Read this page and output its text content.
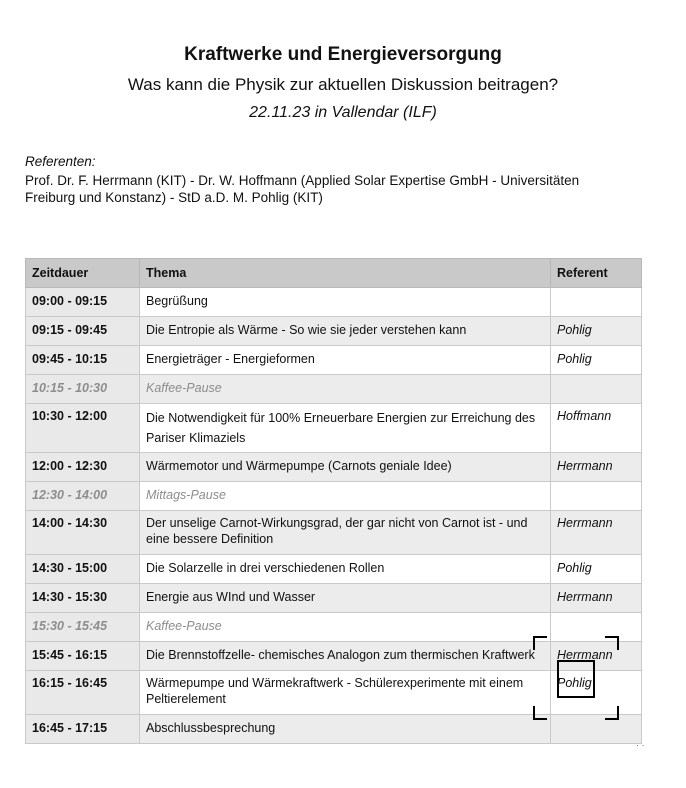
Kraftwerke und Energieversorgung
Was kann die Physik zur aktuellen Diskussion beitragen?
22.11.23 in Vallendar (ILF)
Referenten:
Prof. Dr. F. Herrmann (KIT) - Dr. W. Hoffmann (Applied Solar Expertise GmbH - Universitäten Freiburg und Konstanz) - StD a.D. M. Pohlig (KIT)
Zeitdauer	Thema	Referent
09:00 - 09:15	Begrüßung	
09:15 - 09:45	Die Entropie als Wärme - So wie sie jeder verstehen kann	Pohlig
09:45 - 10:15	Energieträger - Energieformen	Pohlig
10:15 - 10:30	Kaffee-Pause	
10:30 - 12:00	Die Notwendigkeit für 100% Erneuerbare Energien zur Erreichung des Pariser Klimaziels	Hoffmann
12:00 - 12:30	Wärmemotor und Wärmepumpe (Carnots geniale Idee)	Herrmann
12:30 - 14:00	Mittags-Pause	
14:00 - 14:30	Der unselige Carnot-Wirkungsgrad, der gar nicht von Carnot ist - und eine bessere Definition	Herrmann
14:30 - 15:00	Die Solarzelle in drei verschiedenen Rollen	Pohlig
14:30 - 15:30	Energie aus WInd und Wasser	Herrmann
15:30 - 15:45	Kaffee-Pause	
15:45 - 16:15	Die Brennstoffzelle- chemisches Analogon zum thermischen Kraftwerk	Herrmann
16:15 - 16:45	Wärmepumpe und Wärmekraftwerk - Schülerexperimente mit einem Peltierelement	Pohlig
16:45 - 17:15	Abschlussbesprechung	
· ·
